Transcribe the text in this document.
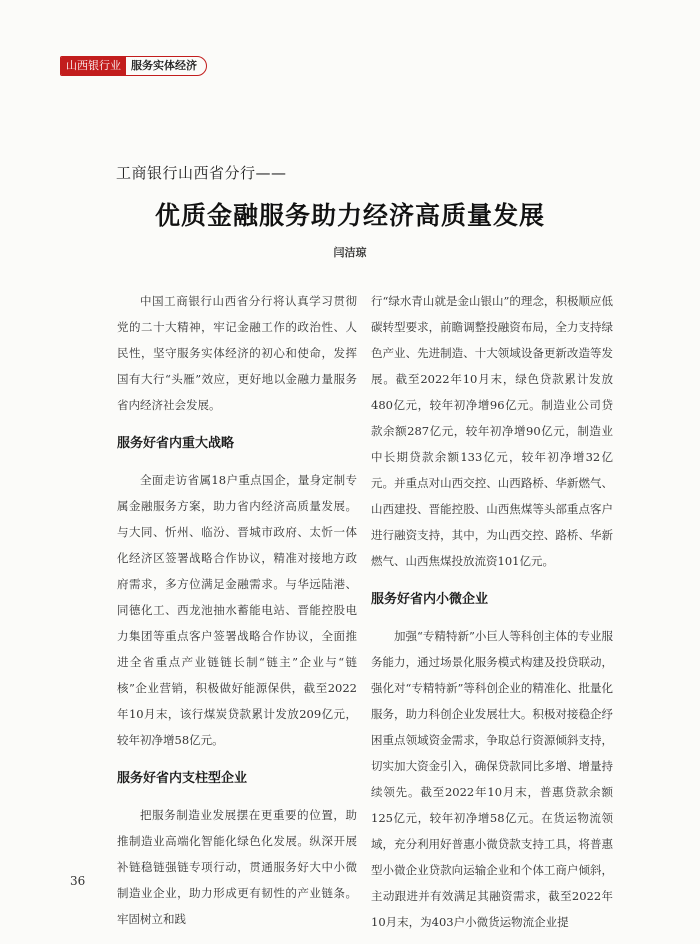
山西银行业 服务实体经济
工商银行山西省分行——
优质金融服务助力经济高质量发展
闫洁琼

中国工商银行山西省分行将认真学习贯彻党的二十大精神，牢记金融工作的政治性、人民性，坚守服务实体经济的初心和使命，发挥国有大行“头雁”效应，更好地以金融力量服务省内经济社会发展。

服务好省内重大战略

全面走访省属18户重点国企，量身定制专属金融服务方案，助力省内经济高质量发展。与大同、忻州、临汾、晋城市政府、太忻一体化经济区签署战略合作协议，精准对接地方政府需求，多方位满足金融需求。与华远陆港、同德化工、西龙池抽水蓄能电站、晋能控股电力集团等重点客户签署战略合作协议，全面推进全省重点产业链链长制“链主”企业与“链核”企业营销，积极做好能源保供，截至2022年10月末，该行煤炭贷款累计发放209亿元，较年初净增58亿元。

服务好省内支柱型企业

把服务制造业发展摆在更重要的位置，助推制造业高端化智能化绿色化发展。纵深开展补链稳链强链专项行动，贯通服务好大中小微制造业企业，助力形成更有韧性的产业链条。牢固树立和践

行“绿水青山就是金山银山”的理念，积极顺应低碳转型要求，前瞻调整投融资布局，全力支持绿色产业、先进制造、十大领域设备更新改造等发展。截至2022年10月末，绿色贷款累计发放480亿元，较年初净增96亿元。制造业公司贷款余额287亿元，较年初净增90亿元，制造业中长期贷款余额133亿元，较年初净增32亿元。并重点对山西交控、山西路桥、华新燃气、山西建投、晋能控股、山西焦煤等头部重点客户进行融资支持，其中，为山西交控、路桥、华新燃气、山西焦煤投放流资101亿元。

服务好省内小微企业

加强“专精特新”小巨人等科创主体的专业服务能力，通过场景化服务模式构建及投贷联动，强化对“专精特新”等科创企业的精准化、批量化服务，助力科创企业发展壮大。积极对接稳企纾困重点领域资金需求，争取总行资源倾斜支持，切实加大资金引入，确保贷款同比多增、增量持续领先。截至2022年10月末，普惠贷款余额125亿元，较年初净增58亿元。在货运物流领域，充分利用好普惠小微贷款支持工具，将普惠型小微企业贷款向运输企业和个体工商户倾斜，主动跟进并有效满足其融资需求，截至2022年10月末，为403户小微货运物流企业提

36
